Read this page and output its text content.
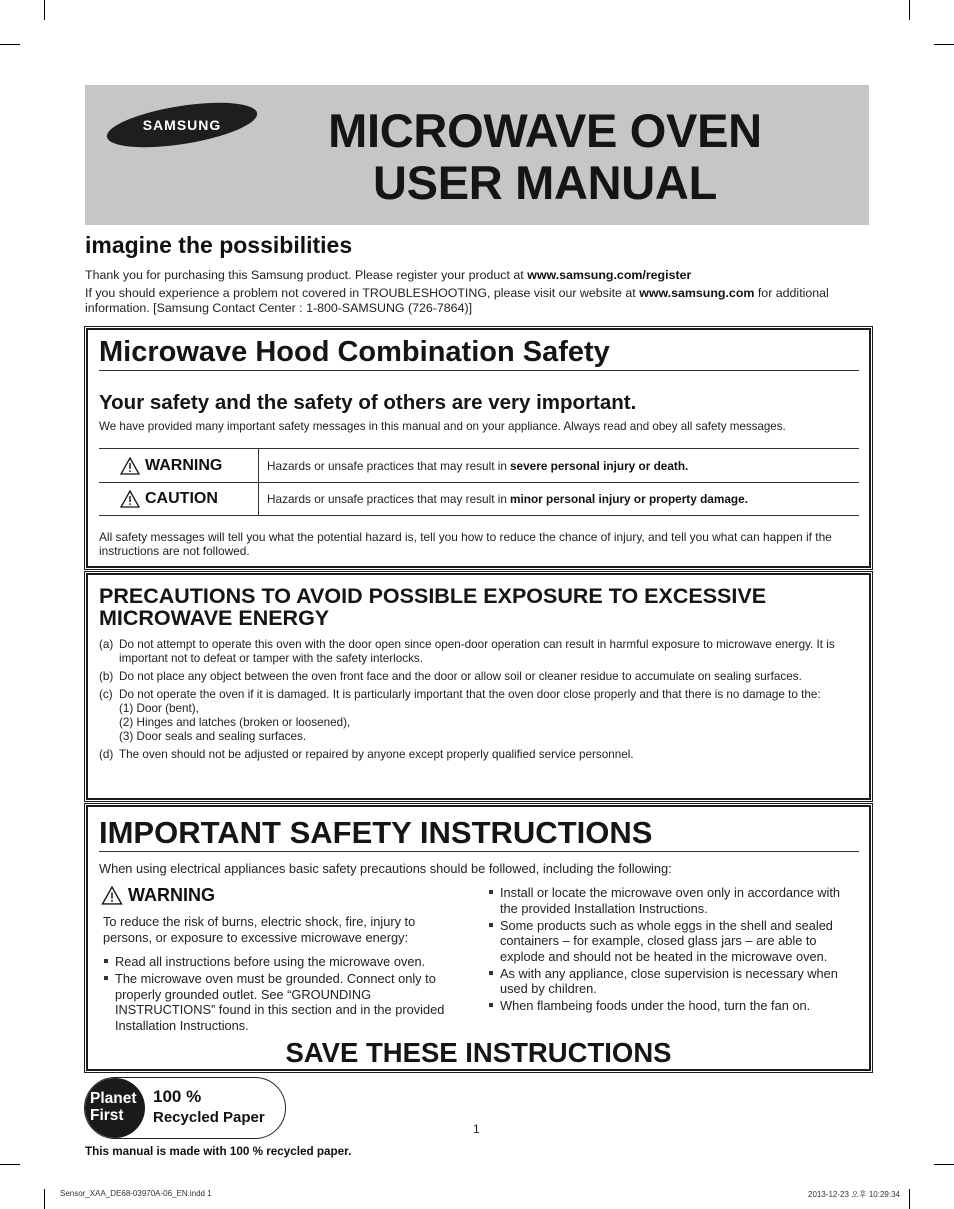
SAMSUNG	MICROWAVE OVEN
USER MANUAL
imagine the possibilities
Thank you for purchasing this Samsung product. Please register your product at www.samsung.com/register
If you should experience a problem not covered in TROUBLESHOOTING, please visit our website at www.samsung.com for additional information. [Samsung Contact Center : 1-800-SAMSUNG (726-7864)]
Microwave Hood Combination Safety
Your safety and the safety of others are very important.
We have provided many important safety messages in this manual and on your appliance. Always read and obey all safety messages.
WARNING	Hazards or unsafe practices that may result in severe personal injury or death.
CAUTION	Hazards or unsafe practices that may result in minor personal injury or property damage.
All safety messages will tell you what the potential hazard is, tell you how to reduce the chance of injury, and tell you what can happen if the instructions are not followed.
PRECAUTIONS TO AVOID POSSIBLE EXPOSURE TO EXCESSIVE MICROWAVE ENERGY
(a) Do not attempt to operate this oven with the door open since open-door operation can result in harmful exposure to microwave energy. It is important not to defeat or tamper with the safety interlocks.
(b) Do not place any object between the oven front face and the door or allow soil or cleaner residue to accumulate on sealing surfaces.
(c) Do not operate the oven if it is damaged. It is particularly important that the oven door close properly and that there is no damage to the:
(1) Door (bent),
(2) Hinges and latches (broken or loosened),
(3) Door seals and sealing surfaces.
(d) The oven should not be adjusted or repaired by anyone except properly qualified service personnel.
IMPORTANT SAFETY INSTRUCTIONS
When using electrical appliances basic safety precautions should be followed, including the following:
WARNING
To reduce the risk of burns, electric shock, fire, injury to persons, or exposure to excessive microwave energy:
Read all instructions before using the microwave oven.
The microwave oven must be grounded. Connect only to properly grounded outlet. See “GROUNDING INSTRUCTIONS” found in this section and in the provided Installation Instructions.
Install or locate the microwave oven only in accordance with the provided Installation Instructions.
Some products such as whole eggs in the shell and sealed containers – for example, closed glass jars – are able to explode and should not be heated in the microwave oven.
As with any appliance, close supervision is necessary when used by children.
When flambeing foods under the hood, turn the fan on.
SAVE THESE INSTRUCTIONS
Planet
First
100 %
Recycled Paper
1
This manual is made with 100 % recycled paper.
Sensor_XAA_DE68-03970A-06_EN.indd 1	2013-12-23 오후 10:29:34
